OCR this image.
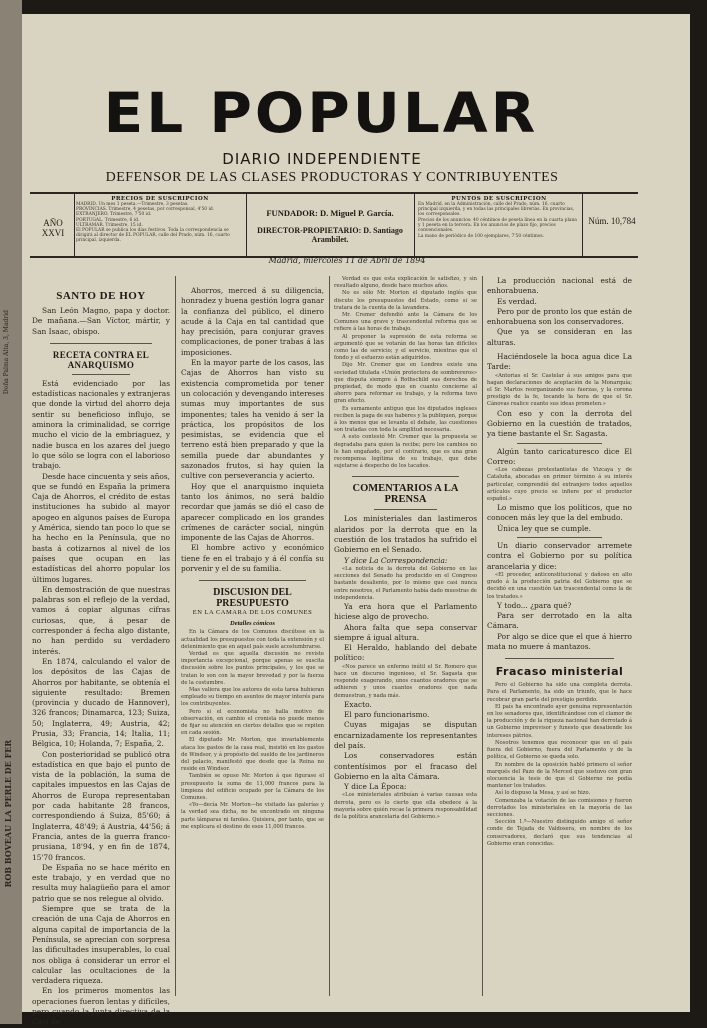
Doña Palma Alta, 3, Madrid
ROB BOVEAU LA PERLE DE FER
EL POPULAR
DIARIO INDEPENDIENTE
DEFENSOR DE LAS CLASES PRODUCTORAS Y CONTRIBUYENTES
PRECIOS DE SUSCRIPCION
MADRID. Un mes 1 peseta.—Trimestre, 3 pesetas.
PROVINCIAS. Trimestre, 4 pesetas, por corresponsal, 4'50 id.
EXTRANJERO. Trimestre, 7'50 id.
PORTUGAL. Trimestre, 6 id.
ULTRAMAR. Trimestre, 15 id.
El POPULAR se publica los días festivos. Toda la correspondencia se dirigirá al director de EL POPULAR, calle del Prado, núm. 16, cuarto principal, izquierda.
AÑO XXVI
FUNDADOR: D. Miguel P. García.
DIRECTOR-PROPIETARIO: D. Santiago Arambilet.
PUNTOS DE SUSCRIPCION
En Madrid, en la Administración, calle del Prado, núm. 16, cuarto principal izquierda, y en todas las principales librerías. En provincias, los corresponsales.
Precios de los anuncios: 40 céntimos de peseta línea en la cuarta plana y 1 peseta en la tercera. En los anuncios de plazo fijo, precios convencionales.
La mano de periódico de 100 ejemplares, 7'50 céntimos.
Núm. 10,784
Madrid, miércoles 11 de Abril de 1894
SANTO DE HOY

San León Magno, papa y doctor. De mañana.—San Víctor, mártir, y San Isaac, obispo.

RECETA CONTRA EL ANARQUISMO

Está evidenciado por las estadísticas nacionales y extranjeras que donde la virtud del ahorro deja sentir su beneficioso influjo, se aminora la criminalidad, se corrige mucho el vicio de la embriaguez, y nadie busca en los azares del juego lo que sólo se logra con el laborioso trabajo.

Desde hace cincuenta y seis años, que se fundó en España la primera Caja de Ahorros, el crédito de estas instituciones ha subido al mayor apogeo en algunos países de Europa y América, siendo tan poco lo que se ha hecho en la Península, que no basta á cotizarnos al nivel de los países que ocupan en las estadísticas del ahorro popular los últimos lugares.

En demostración de que nuestras palabras son el reflejo de la verdad, vamos á copiar algunas cifras curiosas, que, á pesar de corresponder á fecha algo distante, no han perdido su verdadero interés.

En 1874, calculando el valor de los depósitos de las Cajas de Ahorros por habitante, se obtenía el siguiente resultado: Bremen (provincia y ducado de Hannover), 326 francos; Dinamarca, 123; Suiza, 50; Inglaterra, 49; Austria, 42; Prusia, 33; Francia, 14; Italia, 11; Bélgica, 10; Holanda, 7; España, 2.

Con posterioridad se publicó otra estadística en que bajo el punto de vista de la población, la suma de capitales impuestos en las Cajas de Ahorros de Europa representaban por cada habitante 28 francos, correspondiendo á Suiza, 85'60; á Inglaterra, 48'49; á Austria, 44'56; á Francia, antes de la guerra franco-prusiana, 18'94, y en fin de 1874, 15'70 francos.

De España no se hace mérito en este trabajo, y en verdad que no resulta muy halagüeño para el amor patrio que se nos relegue al olvido.

Siempre que se trata de la creación de una Caja de Ahorros en alguna capital de importancia de la Península, se aprecian con sorpresa las dificultades insuperables, lo cual nos obliga á considerar un error el calcular las ocultaciones de la verdadera riqueza.

En los primeros momentos las operaciones fueron lentas y difíciles, pero cuando la Junta directiva de la Caja de

Ahorros, merced á su diligencia, honradez y buena gestión logra ganar la confianza del público, el dinero acude á la Caja en tal cantidad que hay precisión, para conjurar graves complicaciones, de poner trabas á las imposiciones.

En la mayor parte de los casos, las Cajas de Ahorros han visto su existencia comprometida por tener un colocación y devengando intereses sumas muy importantes de sus imponentes; tales ha venido á ser la práctica, los propósitos de los pesimistas, se evidencia que el terreno está bien preparado y que la semilla puede dar abundantes y sazonados frutos, si hay quien la cultive con perseverancia y acierto.

Hoy que el anarquismo inquieta tanto los ánimos, no será baldío recordar que jamás se dió el caso de aparecer complicado en los grandes crímenes de carácter social, ningún imponente de las Cajas de Ahorros.

El hombre activo y económico tiene fe en el trabajo y á él confía su porvenir y el de su familia.

DISCUSION DEL PRESUPUESTO
EN LA CAMARA DE LOS COMUNES
Detalles cómicos

En la Cámara de los Comunes discútese en la actualidad los presupuestos con toda la extensión y el detenimiento que en aquel país suele acostumbrarse.

Verdad es que aquella discusión no reviste importancia excepcional, porque apenas se suscita discusión sobre los puntos principales, y los que se tratan lo son con la mayor brevedad y por la fuerza de la costumbre.

Mas valiera que los autores de esta tarea hubieran empleado su tiempo en asuntos de mayor interés para los contribuyentes.

Pero si el economista no halla motivo de observación, en cambio el cronista no puede menos de fijar su atención en ciertos detalles que se repiten en cada sesión.

El diputado Mr. Morton, que invariablemente ataca los gastos de la casa real, insistió en los gastos de Windsor, y á propósito del sueldo de los jardineros del palacio, manifestó que desde que la Reina no reside en Windsor.

También se opuso Mr. Morton á que figurase el presupuesto la suma de 11,000 francos para la limpieza del edificio ocupado por la Cámara de los Comunes.

«Yo—decía Mr. Morton—he visitado las galerías y la verdad sea dicha, no he encontrado en ninguna parte lámparas ni faroles. Quisiera, por tanto, que se me explicara el destino de esos 11,000 francos.

Verdad es que esta explicación le satisfizo, y sin resultado alguno, desde hace muchos años.

No es sólo Mr. Morton el diputado inglés que discute los presupuestos del Estado, como si se tratara de la cuenta de la lavandera.

Mr. Cremer defendió ante la Cámara de los Comunes una grave y trascendental reforma que se refiere á las horas de trabajo.

Al proponer la supresión de esta reforma se argumentó que se votarán de las horas tan difíciles como las de servicio; y el servicio, mientras que el fondo y el esfuerzo están adquiridos.

Dijo Mr. Cremer que en Londres existe una sociedad titulada «Unión protectora de sombrereros» que disputa siempre á Rothschild sus derechos de propiedad, de modo que en cuanto concierne al ahorro para reformar su trabajo, y la reforma tuvo gran efecto.

Es sumamente antiguo que los diputados ingleses reciben la paga de sus haberes y la publiquen, porque á los menos que se levanta el debate, las cuestiones son tratadas con toda la amplitud necesaria.

A esto contestó Mr. Cremer que la propuesta se degradaba para quien la recibe; pero los cambios no le han engañado, por el contrario, que es una gran recompensa legítima de su trabajo, que debe sujetarse á despecho de los tacaños.

COMENTARIOS A LA PRENSA

Los ministeriales dan lastimeros alaridos por la derrota que en la cuestión de los tratados ha sufrido el Gobierno en el Senado.

Y dice La Correspondencia:

«La noticia de la derrota del Gobierno en las secciones del Senado ha producido en el Congreso bastante desaliento, por lo mismo que casi nunca entre nosotros, el Parlamento había dado muestras de independencia.

Ya era hora que el Parlamento hiciese algo de provecho.

Ahora falta que sepa conservar siempre á igual altura.

El Heraldo, hablando del debate político:

«Nos parece un enfermo inútil el Sr. Romero que hace un discurso ingenioso, el Sr. Sagasta que responde exagerando, unos cuantos oradores que se adhieren y unos cuantos oradores que nada demuestran, y nada más.

Exacto.

El paro funcionarismo.

Cuyas migajas se disputan encarnizadamente los representantes del país.

Los conservadores están contentísimos por el fracaso del Gobierno en la alta Cámara.

Y dice La Época:

«Los ministeriales atribuían á varias causas esta derrota, pero es lo cierto que ella obedece á la mayoría sobre quién recae la primera responsabilidad de la política arancelaria del Gobierno.»

La producción nacional está de enhorabuena.

Es verdad.

Pero por de pronto los que están de enhorabuena son los conservadores.

Que ya se consideran en las alturas.

Haciéndosele la boca agua dice La Tarde:

«Antorias el Sr. Castelar á sus amigos para que hagan declaraciones de aceptación de la Monarquía; el Sr. Martos reorganizando sus fuerzas, y la corona prestigio de la fe, tocando la hora de que el Sr. Cánovas realice cuanto sus ideas prometen.»

Con eso y con la derrota del Gobierno en la cuestión de tratados, ya tiene bastante el Sr. Sagasta.

Algún tanto caricaturesco dice El Correo:

«Los cabezas protestantistas de Vizcaya y de Cataluña, abocadas en primer término á su interés particular, comprendió del extranjero todos aquellos artículos cuyo precio se infiere por el productor español.»

Lo mismo que los políticos, que no conocen más ley que la del embudo.

Única ley que se cumple.

Un diario conservador arremete contra el Gobierno por su política arancelaria y dice:

«El proceder, anticonstitucional y dañoso en alto grado á la producción patria del Gobierno que se decidió en una cuestión tan trascendental como la de los tratados.»

Y todo... ¿para qué?

Para ser derrotado en la alta Cámara.

Por algo se dice que el que á hierro mata no muere á mantazos.

Fracaso ministerial

Pero el Gobierno ha sido una completa derrota. Para el Parlamento, ha sido un triunfo, que le hace recobrar gran parte del prestigio perdido.

El país ha encontrado ayer genuina representación en los senadores que, identificándose con el clamor de la producción y de la riqueza nacional han derrotado á un Gobierno imprevisor y funesto que desatiende los intereses pátrios.

Nosotros tenemos que reconocer que en el país fuera del Gobierno, fuera del Parlamento y de la política, el Gobierno se queda solo.

En nombre de la oposición habló primero el señor marqués del Pazo de la Merced que sostuvo con gran elocuencia la tesis de que el Gobierno no podía mantener los tratados.

Así lo dispuso la Mesa, y así se hizo.

Comenzaba la votación de las comisiones y fueron derrotados los ministeriales en la mayoría de las secciones.

Sección 1.ª—Nuestro distinguido amigo el señor conde de Tejada de Valdosera, en nombre de los conservadores, declaró que sus tendencias al Gobierno eran conocidas.
